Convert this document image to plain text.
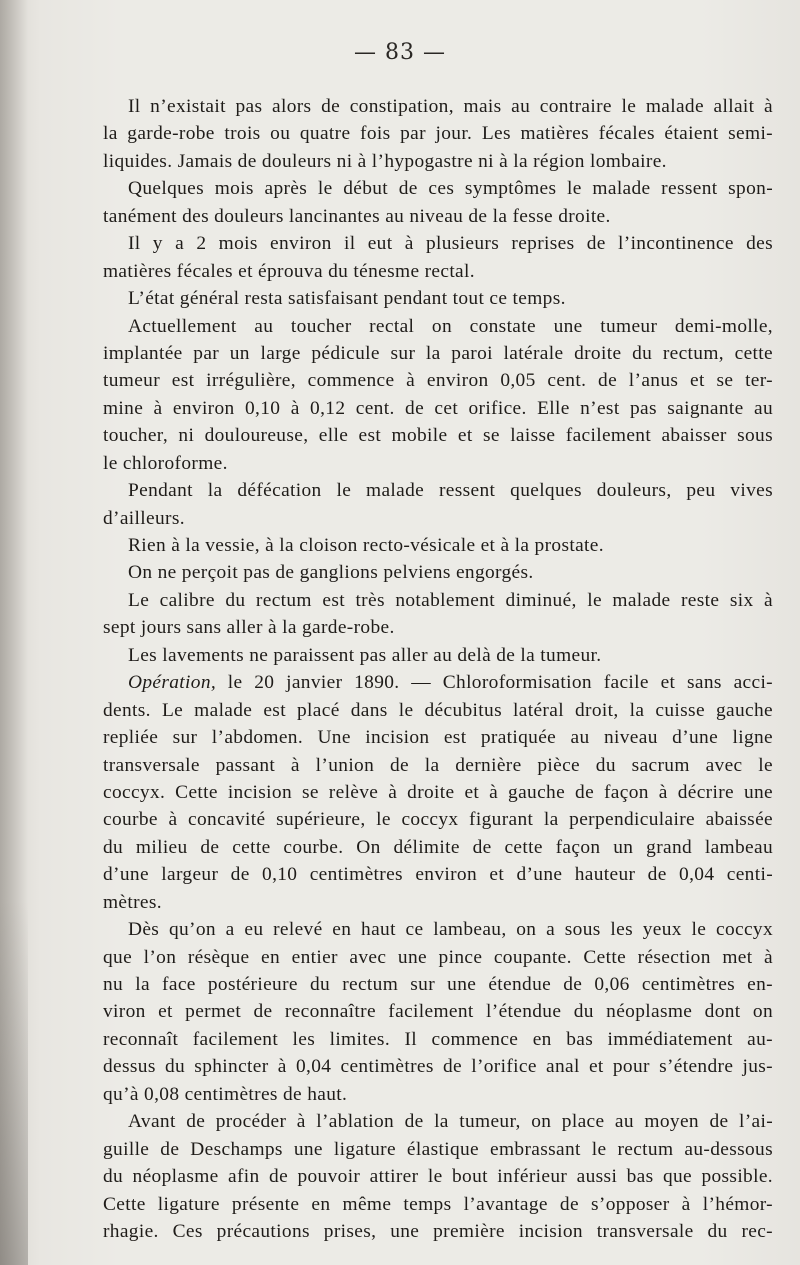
— 83 —
Il n’existait pas alors de constipation, mais au contraire le malade allait à
la garde-robe trois ou quatre fois par jour. Les matières fécales étaient semi-
liquides. Jamais de douleurs ni à l’hypogastre ni à la région lombaire.
Quelques mois après le début de ces symptômes le malade ressent spon-
tanément des douleurs lancinantes au niveau de la fesse droite.
Il y a 2 mois environ il eut à plusieurs reprises de l’incontinence des
matières fécales et éprouva du ténesme rectal.
L’état général resta satisfaisant pendant tout ce temps.
Actuellement au toucher rectal on constate une tumeur demi-molle,
implantée par un large pédicule sur la paroi latérale droite du rectum, cette
tumeur est irrégulière, commence à environ 0,05 cent. de l’anus et se ter-
mine à environ 0,10 à 0,12 cent. de cet orifice. Elle n’est pas saignante au
toucher, ni douloureuse, elle est mobile et se laisse facilement abaisser sous
le chloroforme.
Pendant la défécation le malade ressent quelques douleurs, peu vives
d’ailleurs.
Rien à la vessie, à la cloison recto-vésicale et à la prostate.
On ne perçoit pas de ganglions pelviens engorgés.
Le calibre du rectum est très notablement diminué, le malade reste six à
sept jours sans aller à la garde-robe.
Les lavements ne paraissent pas aller au delà de la tumeur.
Opération, le 20 janvier 1890. — Chloroformisation facile et sans acci-
dents. Le malade est placé dans le décubitus latéral droit, la cuisse gauche
repliée sur l’abdomen. Une incision est pratiquée au niveau d’une ligne
transversale passant à l’union de la dernière pièce du sacrum avec le
coccyx. Cette incision se relève à droite et à gauche de façon à décrire une
courbe à concavité supérieure, le coccyx figurant la perpendiculaire abaissée
du milieu de cette courbe. On délimite de cette façon un grand lambeau
d’une largeur de 0,10 centimètres environ et d’une hauteur de 0,04 centi-
mètres.
Dès qu’on a eu relevé en haut ce lambeau, on a sous les yeux le coccyx
que l’on résèque en entier avec une pince coupante. Cette résection met à
nu la face postérieure du rectum sur une étendue de 0,06 centimètres en-
viron et permet de reconnaître facilement l’étendue du néoplasme dont on
reconnaît facilement les limites. Il commence en bas immédiatement au-
dessus du sphincter à 0,04 centimètres de l’orifice anal et pour s’étendre jus-
qu’à 0,08 centimètres de haut.
Avant de procéder à l’ablation de la tumeur, on place au moyen de l’ai-
guille de Deschamps une ligature élastique embrassant le rectum au-dessous
du néoplasme afin de pouvoir attirer le bout inférieur aussi bas que possible.
Cette ligature présente en même temps l’avantage de s’opposer à l’hémor-
rhagie. Ces précautions prises, une première incision transversale du rec-
